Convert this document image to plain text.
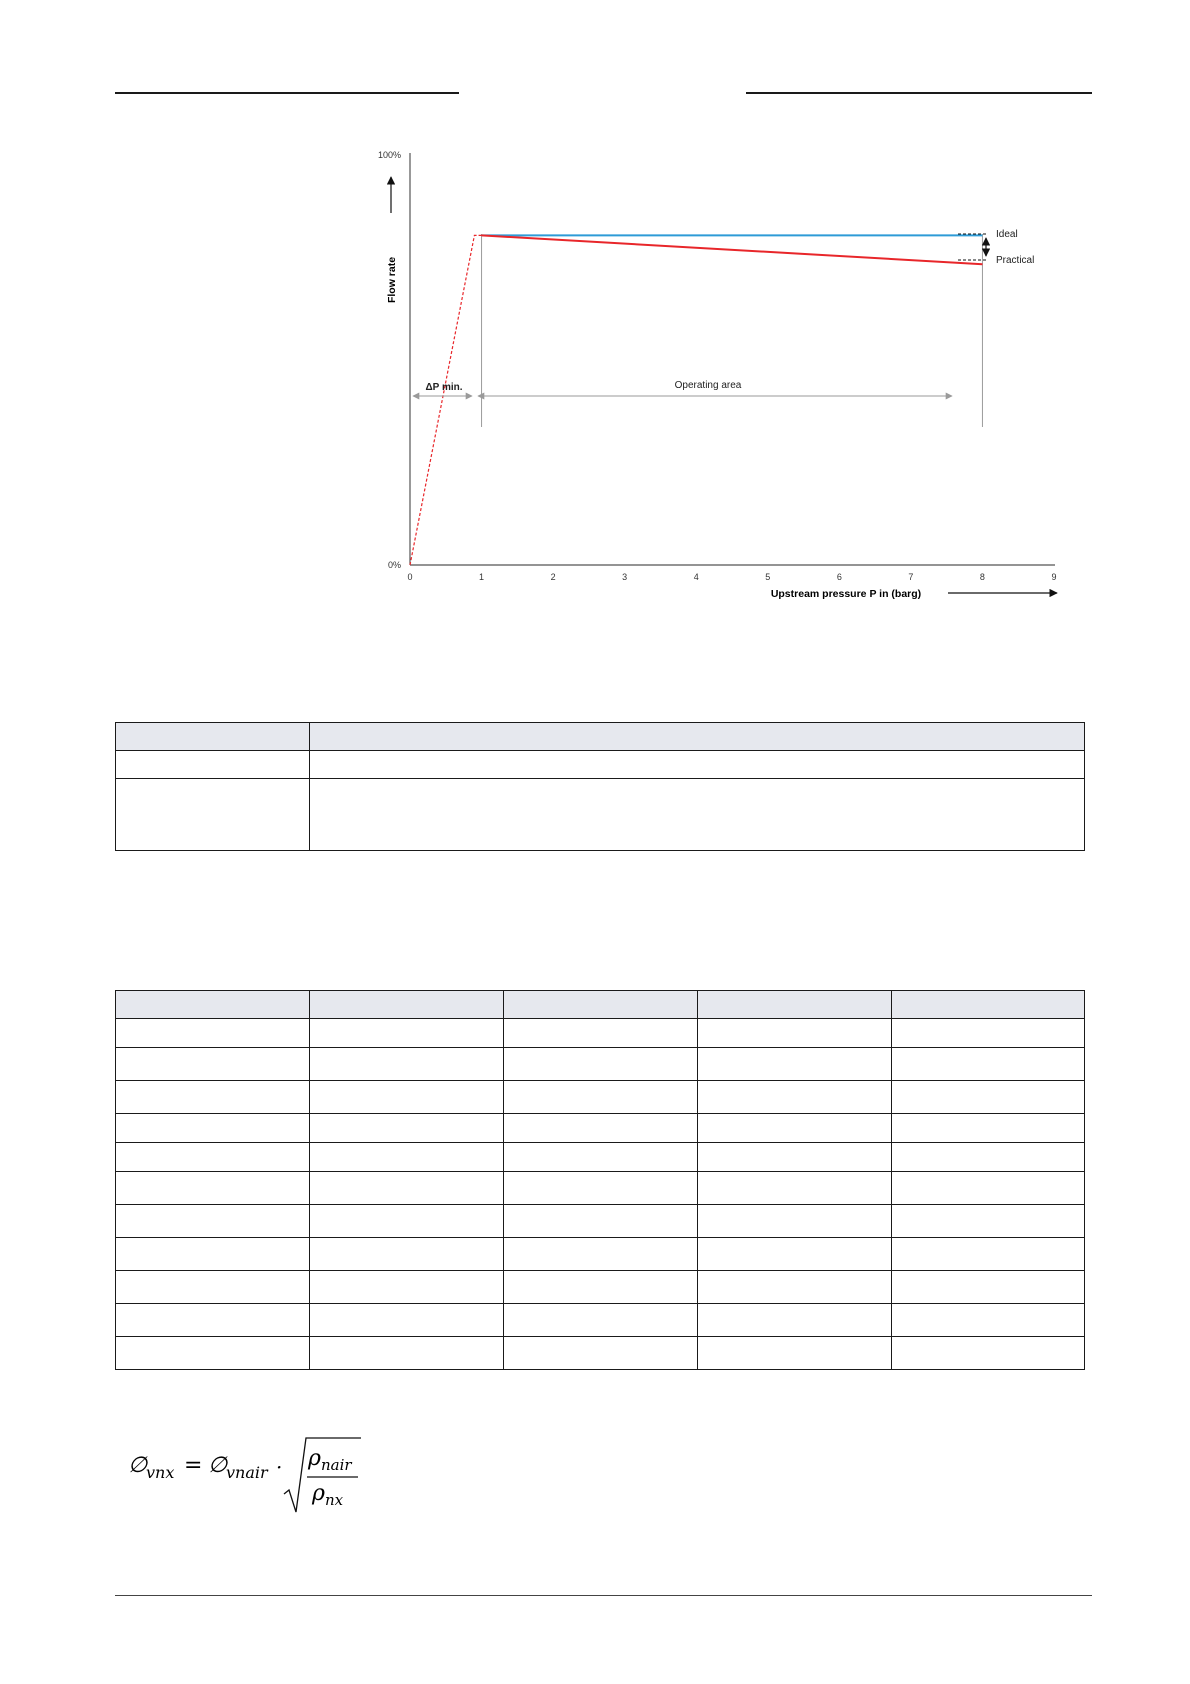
100%
0%
0	1	2	3	4	5	6	7	8	9
Flow rate
Upstream pressure P in (barg)
Ideal
Practical
ΔP min.	Operating area

∅
vnx = ∅
vnair · ρ nair
ρ nx
